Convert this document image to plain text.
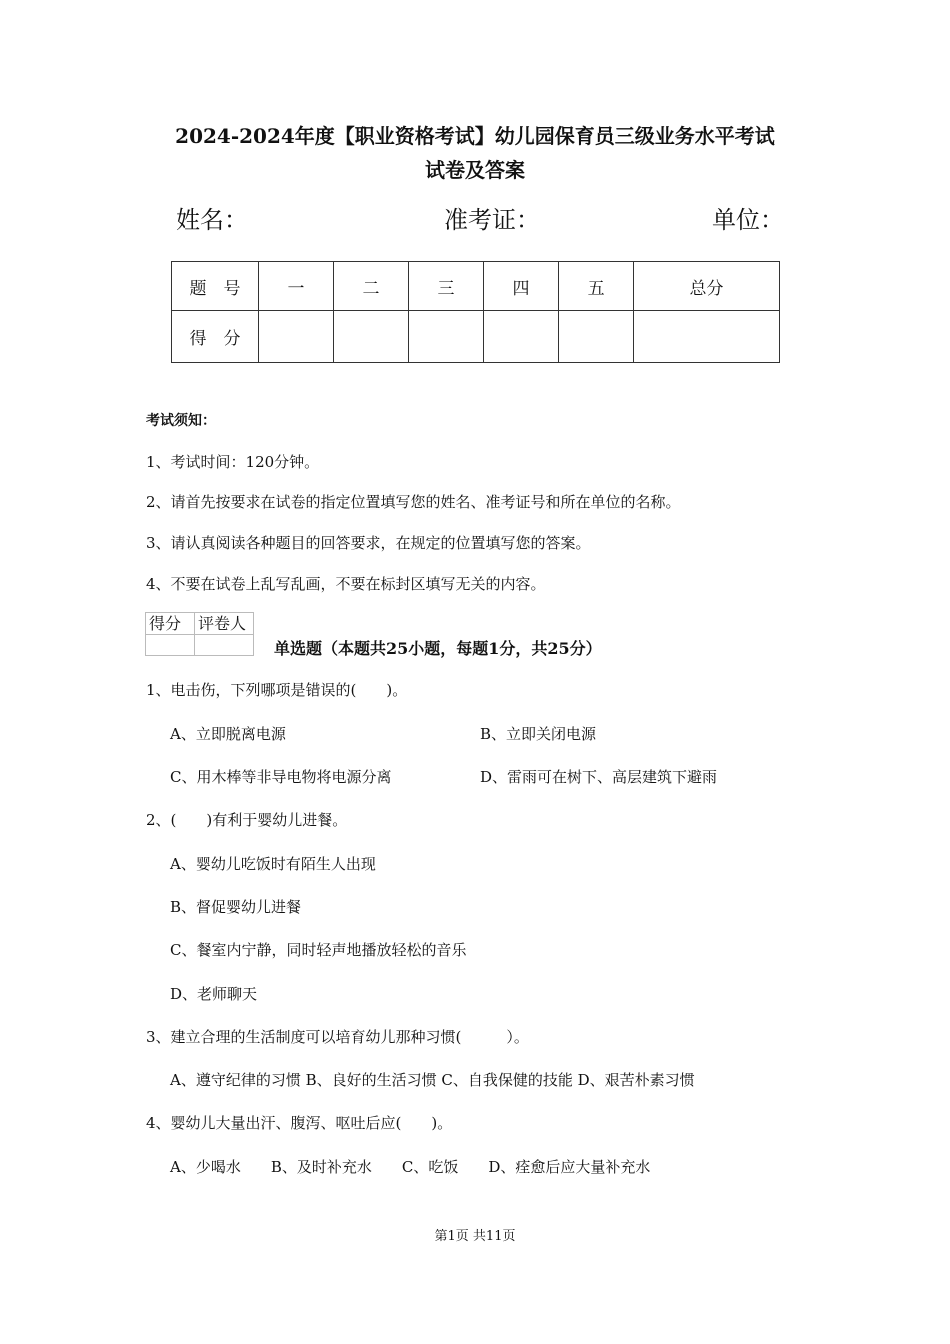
2024-2024年度【职业资格考试】幼儿园保育员三级业务水平考试
试卷及答案
姓名：	准考证：	单位：
题　号	一	二	三	四	五	总分
得　分						
考试须知：
1、考试时间：120分钟。
2、请首先按要求在试卷的指定位置填写您的姓名、准考证号和所在单位的名称。
3、请认真阅读各种题目的回答要求，在规定的位置填写您的答案。
4、不要在试卷上乱写乱画，不要在标封区填写无关的内容。
得分	评卷人

单选题（本题共25小题，每题1分，共25分）
1、电击伤，下列哪项是错误的(　　)。
A、立即脱离电源	B、立即关闭电源
C、用木棒等非导电物将电源分离	D、雷雨可在树下、高层建筑下避雨
2、(　　)有利于婴幼儿进餐。
A、婴幼儿吃饭时有陌生人出现
B、督促婴幼儿进餐
C、餐室内宁静，同时轻声地播放轻松的音乐
D、老师聊天
3、建立合理的生活制度可以培育幼儿那种习惯(　　　）。
A、遵守纪律的习惯 B、良好的生活习惯 C、自我保健的技能 D、艰苦朴素习惯
4、婴幼儿大量出汗、腹泻、呕吐后应(　　)。
A、少喝水　　B、及时补充水　　C、吃饭　　D、痊愈后应大量补充水
第1页 共11页
